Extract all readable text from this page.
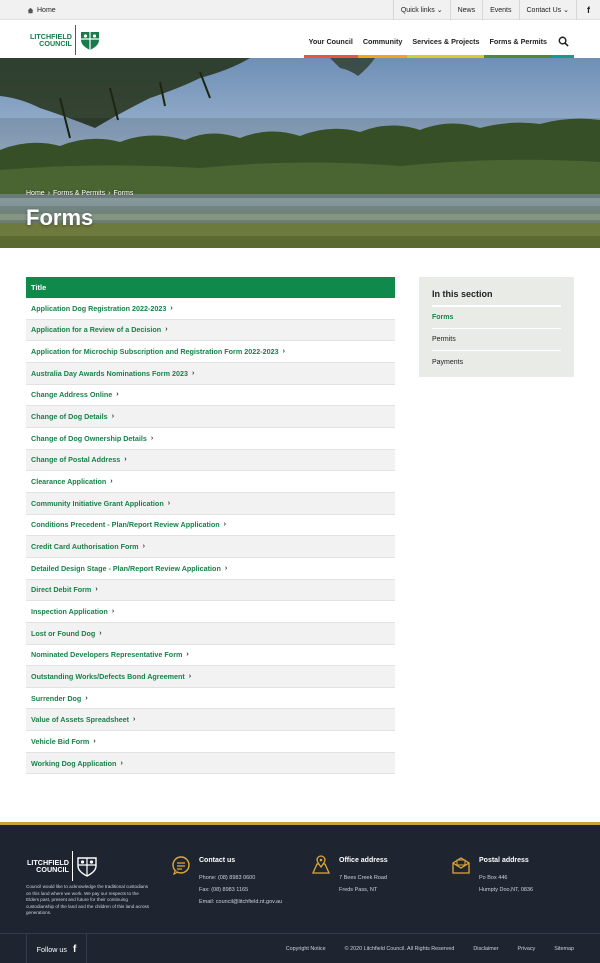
Home	Quick links ⌄ News Events Contact Us ⌄	f
LITCHFIELD
COUNCIL	Your Council Community Services & Projects Forms & Permits
Home › Forms & Permits › Forms
Forms
Title
Application Dog Registration 2022-2023 ›
Application for a Review of a Decision ›
Application for Microchip Subscription and Registration Form 2022-2023 ›
Australia Day Awards Nominations Form 2023 ›
Change Address Online ›
Change of Dog Details ›
Change of Dog Ownership Details ›
Change of Postal Address ›
Clearance Application ›
Community Initiative Grant Application ›
Conditions Precedent - Plan/Report Review Application ›
Credit Card Authorisation Form ›
Detailed Design Stage - Plan/Report Review Application ›
Direct Debit Form ›
Inspection Application ›
Lost or Found Dog ›
Nominated Developers Representative Form ›
Outstanding Works/Defects Bond Agreement ›
Surrender Dog ›
Value of Assets Spreadsheet ›
Vehicle Bid Form ›
Working Dog Application ›
In this section
Forms
Permits
Payments
LITCHFIELD
COUNCIL
Council would like to acknowledge the traditional custodians on this land where we work. We pay our respects to the Elders past, present and future for their continuing custodianship of the land and the children of this land across generations.
Contact us
Phone: (08) 8983 0600
Fax: (08) 8983 1165
Email: council@litchfield.nt.gov.au
Office address
7 Bees Creek Road
Freds Pass, NT
Postal address
Po Box 446
Humpty Doo,NT, 0836
Follow us f	Copyright Notice	© 2020 Litchfield Council. All Rights Reserved	Disclaimer	Privacy	Sitemap
